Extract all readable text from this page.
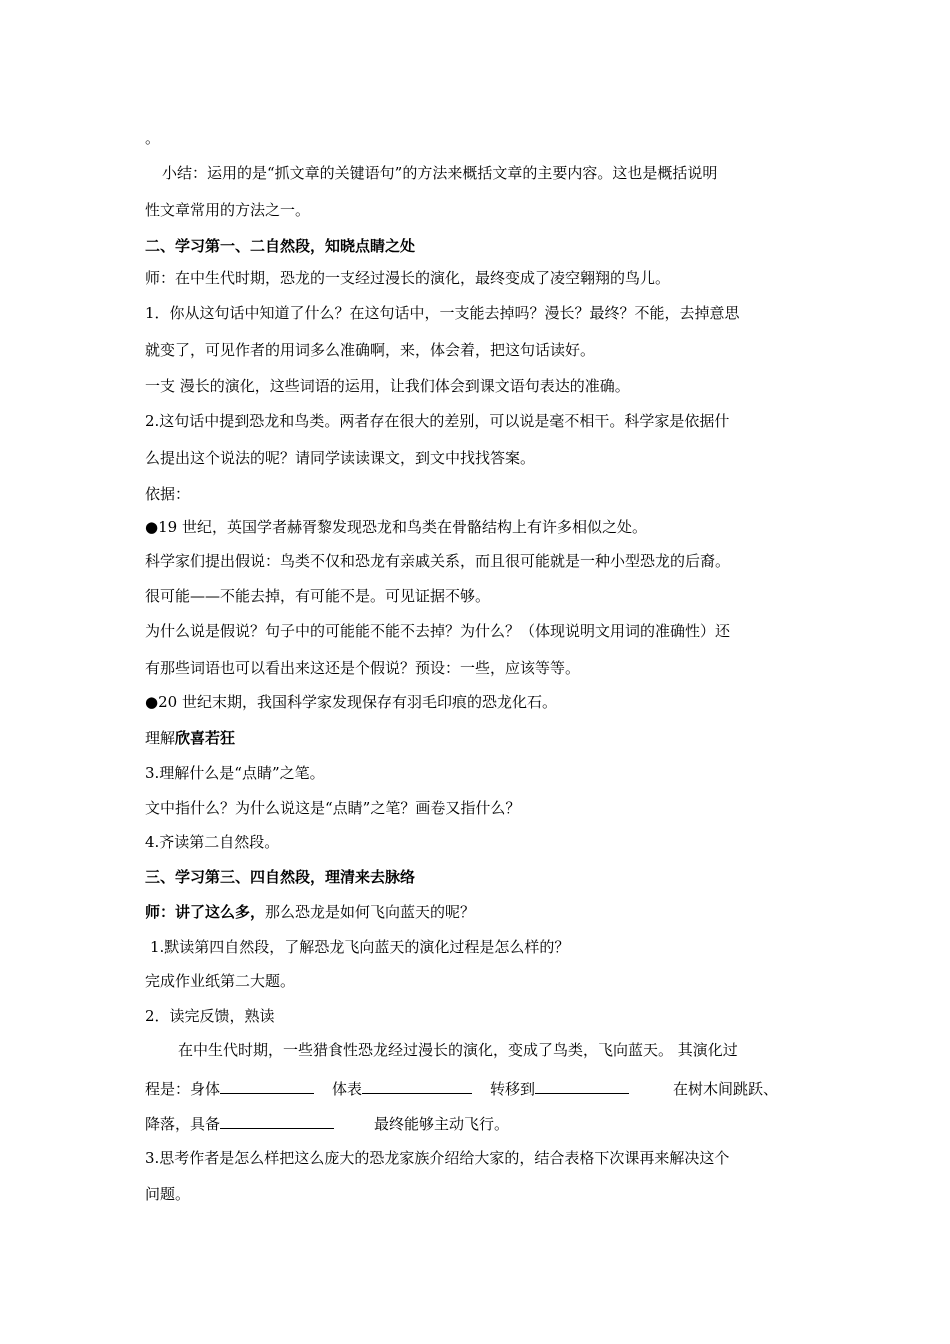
。
小结：运用的是“抓文章的关键语句”的方法来概括文章的主要内容。这也是概括说明
性文章常用的方法之一。
二、学习第一、二自然段，知晓点睛之处
师：在中生代时期，恐龙的一支经过漫长的演化，最终变成了凌空翱翔的鸟儿。
1．你从这句话中知道了什么？在这句话中，一支能去掉吗？漫长？最终？不能，去掉意思
就变了，可见作者的用词多么准确啊，来，体会着，把这句话读好。
一支 漫长的演化，这些词语的运用，让我们体会到课文语句表达的准确。
2.这句话中提到恐龙和鸟类。两者存在很大的差别，可以说是毫不相干。科学家是依据什
么提出这个说法的呢？请同学读读课文，到文中找找答案。
依据：
●19 世纪，英国学者赫胥黎发现恐龙和鸟类在骨骼结构上有许多相似之处。
科学家们提出假说：鸟类不仅和恐龙有亲戚关系，而且很可能就是一种小型恐龙的后裔。
很可能——不能去掉，有可能不是。可见证据不够。
为什么说是假说？句子中的可能能不能不去掉？为什么？（体现说明文用词的准确性）还
有那些词语也可以看出来这还是个假说？预设：一些，应该等等。
●20 世纪末期，我国科学家发现保存有羽毛印痕的恐龙化石。
理解欣喜若狂
3.理解什么是“点睛”之笔。
文中指什么？为什么说这是“点睛”之笔？画卷又指什么？
4.齐读第二自然段。
三、学习第三、四自然段，理清来去脉络
师：讲了这么多，那么恐龙是如何飞向蓝天的呢？
1.默读第四自然段，了解恐龙飞向蓝天的演化过程是怎么样的？
完成作业纸第二大题。
2．读完反馈，熟读
在中生代时期，一些猎食性恐龙经过漫长的演化，变成了鸟类，飞向蓝天。 其演化过
程是：身体	体表	转移到	在树木间跳跃、
降落，具备	最终能够主动飞行。
3.思考作者是怎么样把这么庞大的恐龙家族介绍给大家的，结合表格下次课再来解决这个
问题。
